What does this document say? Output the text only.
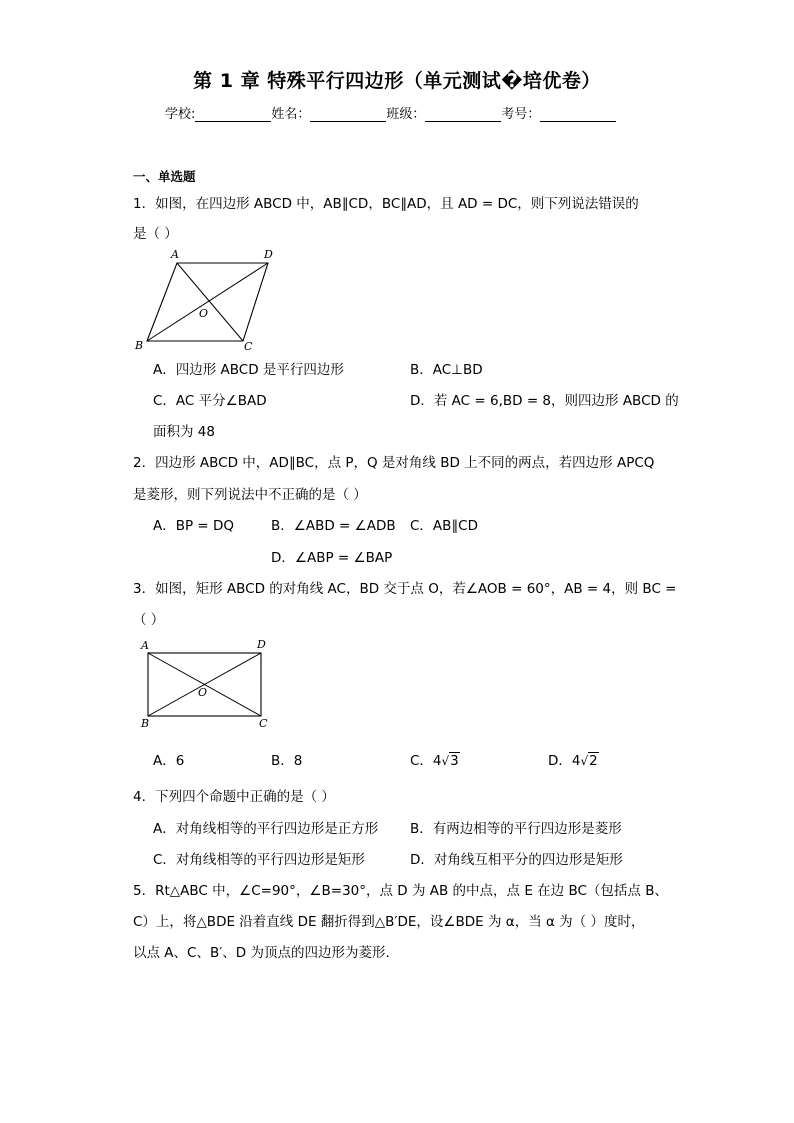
第 1 章 特殊平行四边形（单元测试�培优卷）
学校:	姓名：	班级：	考号：
一、单选题
1．如图，在四边形 ABCD 中，AB∥CD，BC∥AD，且 AD = DC，则下列说法错误的
是（ ）
A	D
B	C
O
A．四边形 ABCD 是平行四边形	B．AC⊥BD
C．AC 平分∠BAD	D．若 AC = 6,BD = 8，则四边形 ABCD 的
面积为 48
2．四边形 ABCD 中，AD∥BC，点 P，Q 是对角线 BD 上不同的两点，若四边形 APCQ
是菱形，则下列说法中不正确的是（ ）
A．BP = DQ	B．∠ABD = ∠ADB C．AB∥CD
D．∠ABP = ∠BAP
3．如图，矩形 ABCD 的对角线 AC，BD 交于点 O，若∠AOB = 60°，AB = 4，则 BC =
（ ）
A	D
B	C
O
A．6	B．8	C．4√3	D．4√2
4．下列四个命题中正确的是（ ）
A．对角线相等的平行四边形是正方形 B．有两边相等的平行四边形是菱形
C．对角线相等的平行四边形是矩形	D．对角线互相平分的四边形是矩形
5．Rt△ABC 中，∠C=90°，∠B=30°，点 D 为 AB 的中点，点 E 在边 BC（包括点 B、
C）上，将△BDE 沿着直线 DE 翻折得到△B′DE，设∠BDE 为 α，当 α 为（ ）度时，
以点 A、C、B′、D 为顶点的四边形为菱形．
